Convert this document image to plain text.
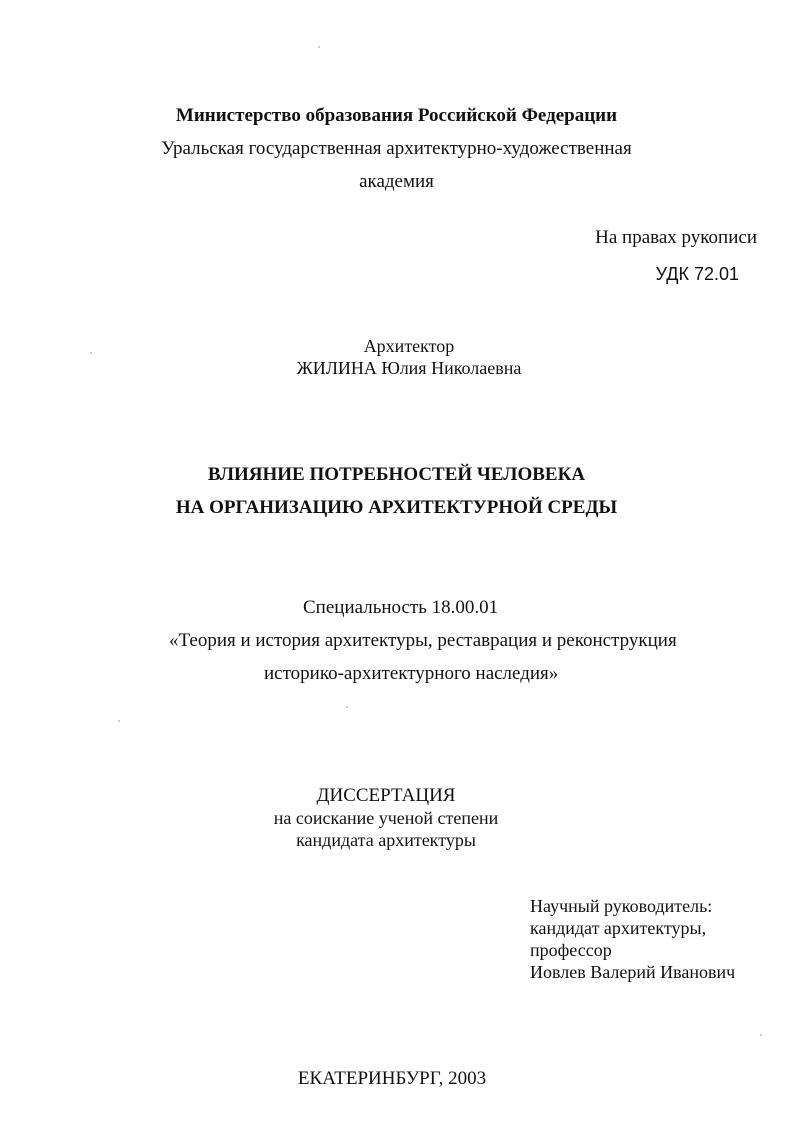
Министерство образования Российской Федерации
Уральская государственная архитектурно-художественная
академия
На правах рукописи
УДК 72.01
Архитектор
ЖИЛИНА Юлия Николаевна
ВЛИЯНИЕ ПОТРЕБНОСТЕЙ ЧЕЛОВЕКА
НА ОРГАНИЗАЦИЮ АРХИТЕКТУРНОЙ СРЕДЫ
Специальность 18.00.01
«Теория и история архитектуры, реставрация и реконструкция
историко-архитектурного наследия»
ДИССЕРТАЦИЯ
на соискание ученой степени
кандидата архитектуры
Научный руководитель:
кандидат архитектуры,
профессор
Иовлев Валерий Иванович
ЕКАТЕРИНБУРГ, 2003
